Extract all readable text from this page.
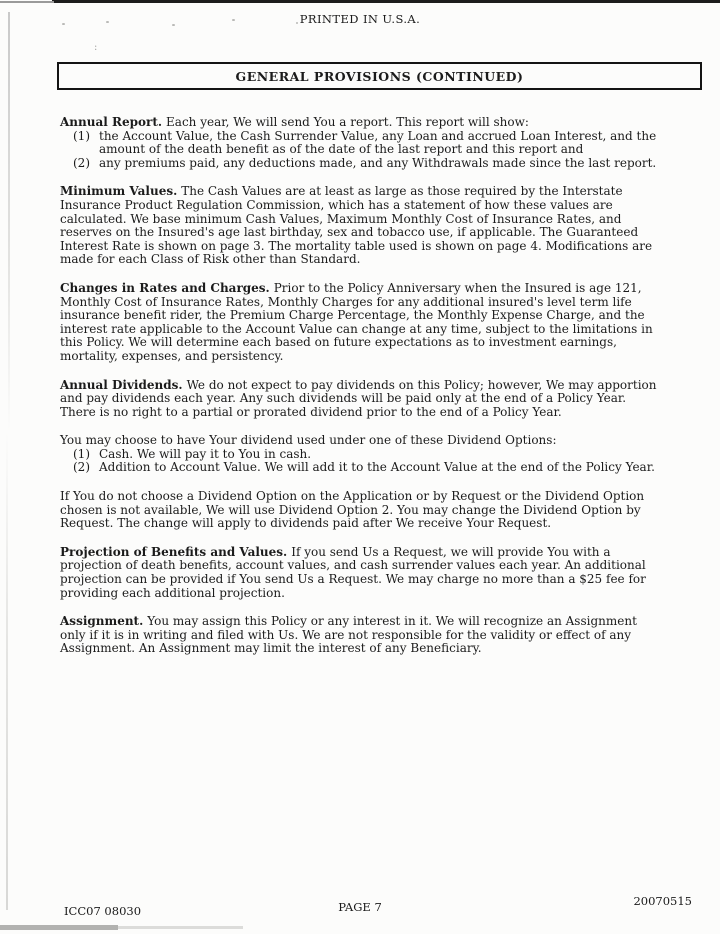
:
PRINTED IN U.S.A.
GENERAL PROVISIONS (CONTINUED)

Annual Report. Each year, We will send You a report. This report will show:

(1) the Account Value, the Cash Surrender Value, any Loan and accrued Loan Interest, and the amount of the death benefit as of the date of the last report and this report and
(2) any premiums paid, any deductions made, and any Withdrawals made since the last report.

Minimum Values. The Cash Values are at least as large as those required by the Interstate Insurance Product Regulation Commission, which has a statement of how these values are calculated. We base minimum Cash Values, Maximum Monthly Cost of Insurance Rates, and reserves on the Insured's age last birthday, sex and tobacco use, if applicable. The Guaranteed Interest Rate is shown on page 3. The mortality table used is shown on page 4. Modifications are made for each Class of Risk other than Standard.

Changes in Rates and Charges. Prior to the Policy Anniversary when the Insured is age 121, Monthly Cost of Insurance Rates, Monthly Charges for any additional insured's level term life insurance benefit rider, the Premium Charge Percentage, the Monthly Expense Charge, and the interest rate applicable to the Account Value can change at any time, subject to the limitations in this Policy. We will determine each based on future expectations as to investment earnings, mortality, expenses, and persistency.

Annual Dividends. We do not expect to pay dividends on this Policy; however, We may apportion and pay dividends each year. Any such dividends will be paid only at the end of a Policy Year. There is no right to a partial or prorated dividend prior to the end of a Policy Year.

You may choose to have Your dividend used under one of these Dividend Options:

(1) Cash. We will pay it to You in cash.
(2) Addition to Account Value. We will add it to the Account Value at the end of the Policy Year.

If You do not choose a Dividend Option on the Application or by Request or the Dividend Option chosen is not available, We will use Dividend Option 2. You may change the Dividend Option by Request. The change will apply to dividends paid after We receive Your Request.

Projection of Benefits and Values. If you send Us a Request, we will provide You with a projection of death benefits, account values, and cash surrender values each year. An additional projection can be provided if You send Us a Request. We may charge no more than a $25 fee for providing each additional projection.

Assignment. You may assign this Policy or any interest in it. We will recognize an Assignment only if it is in writing and filed with Us. We are not responsible for the validity or effect of any Assignment. An Assignment may limit the interest of any Beneficiary.

ICC07 08030	PAGE 7	20070515
